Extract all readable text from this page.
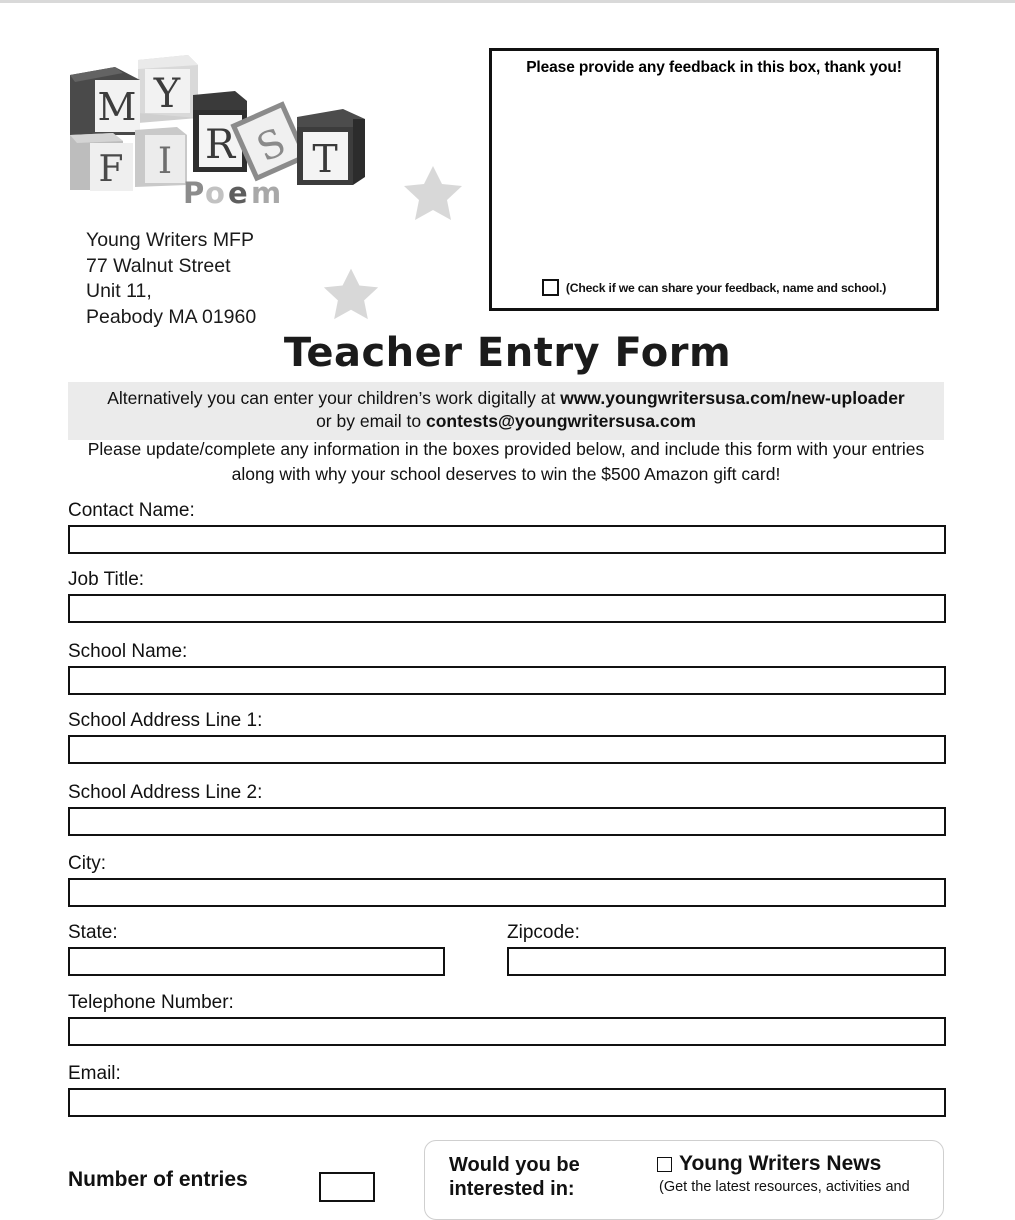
Y
M
F I R S T
P
o e m
Young Writers MFP
77 Walnut Street
Unit 11,
Peabody MA 01960
Please provide any feedback in this box, thank you!
(Check if we can share your feedback, name and school.)
Teacher Entry Form
Alternatively you can enter your children’s work digitally at www.youngwritersusa.com/new-uploader
or by email to contests@youngwritersusa.com
Please update/complete any information in the boxes provided below, and include this form with your entries along with why your school deserves to win the $500 Amazon gift card!
Contact Name:
Job Title:
School Name:
School Address Line 1:
School Address Line 2:
City:
State:	Zipcode:
Telephone Number:
Email:
Number of entries
Would you be interested in:
Young Writers News
(Get the latest resources, activities and
